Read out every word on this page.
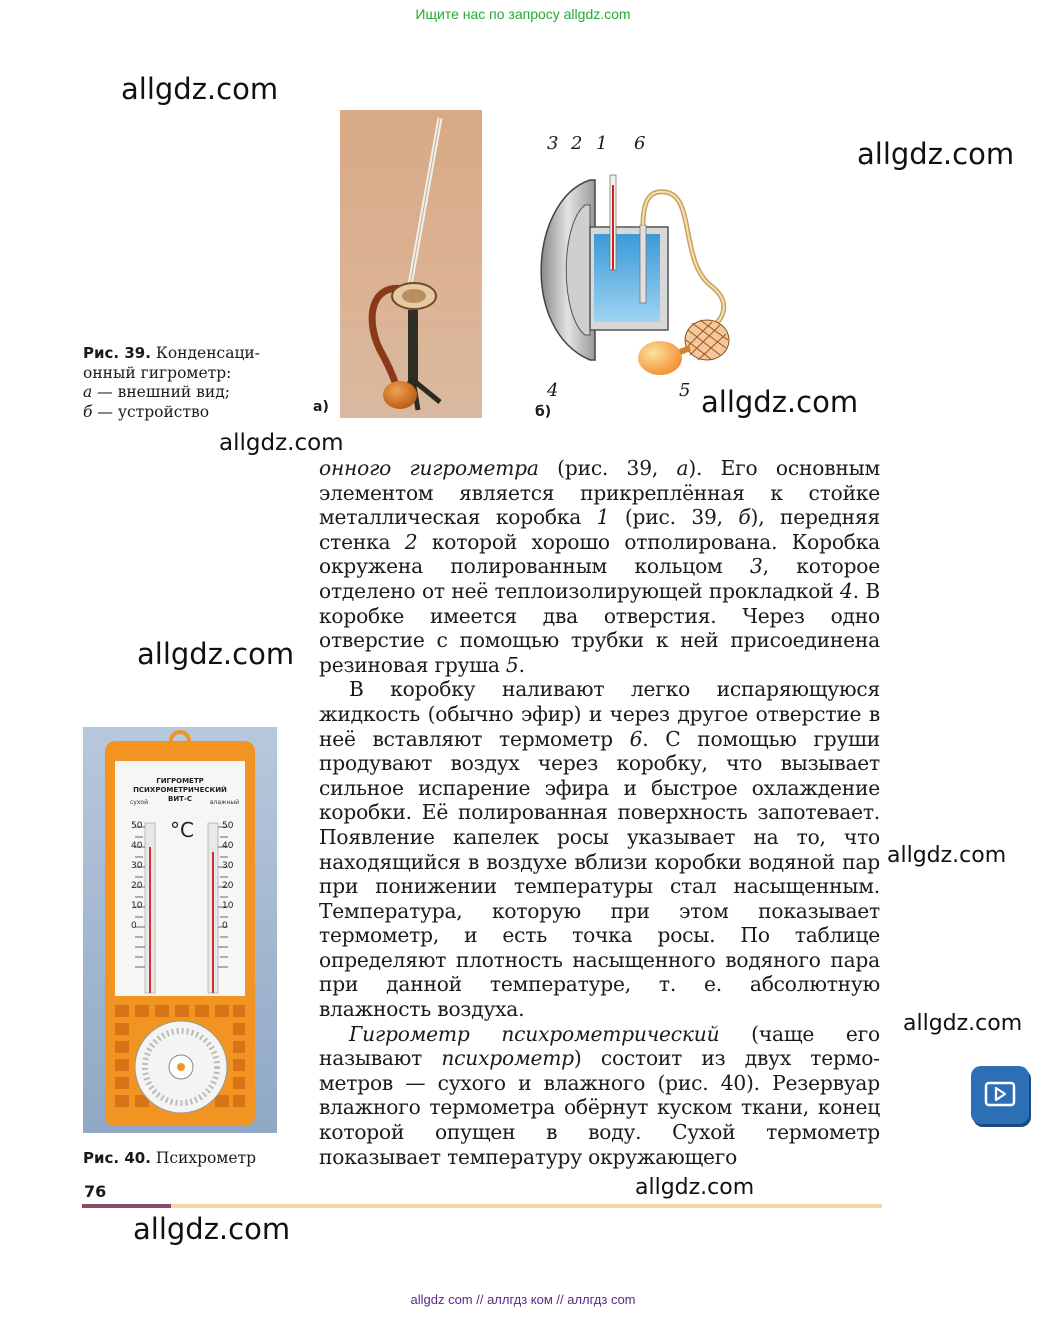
Ищите нас по запросу allgdz.com
allgdz.com
allgdz.com
allgdz.com
allgdz.com
allgdz.com
allgdz.com
allgdz.com
allgdz.com
allgdz.com
а)
3 2 1 6
4	5
б)
Рис. 39. Конденсаци-
онный гигрометр:
а — внешний вид;
б — устройство
ГИГРОМЕТР ПСИХРОМЕТРИЧЕСКИЙ
ВИТ-С
сухой	влажный
°C
50
40
30
20
10
0
50
40
30
20
10
0
Рис. 40. Психрометр

онного гигрометра (рис. 39, а). Его основным элементом является прикреплённая к стойке металлическая коробка 1 (рис. 39, б), передняя стенка 2 которой хорошо отполирована. Коробка окружена полированным кольцом 3, которое отделено от неё теплоизолирующей прокладкой 4. В коробке имеется два отверстия. Через одно отверстие с помощью трубки к ней присоединена резиновая груша 5.

В коробку наливают легко испаряющуюся жидкость (обычно эфир) и через другое отверстие в неё вставляют термометр 6. С помощью груши продувают воздух через коробку, что вызывает сильное испарение эфира и быстрое охлаждение коробки. Её полированная поверхность запотевает. Появление капелек росы указывает на то, что находящийся в воздухе вблизи коробки водяной пар при понижении температуры стал насыщенным. Температура, которую при этом показывает термометр, и есть точка росы. По таблице определяют плотность насыщенного водяного пара при данной температуре, т. е. абсолютную влажность воздуха.

Гигрометр психрометрический (чаще его называют психрометр) состоит из двух термометров — сухого и влажного (рис. 40). Резервуар влажного термометра обёрнут куском ткани, конец которой опущен в воду. Сухой термометр показывает температуру окружающего

76
allgdz com // аллгдз ком // аллгдз com
